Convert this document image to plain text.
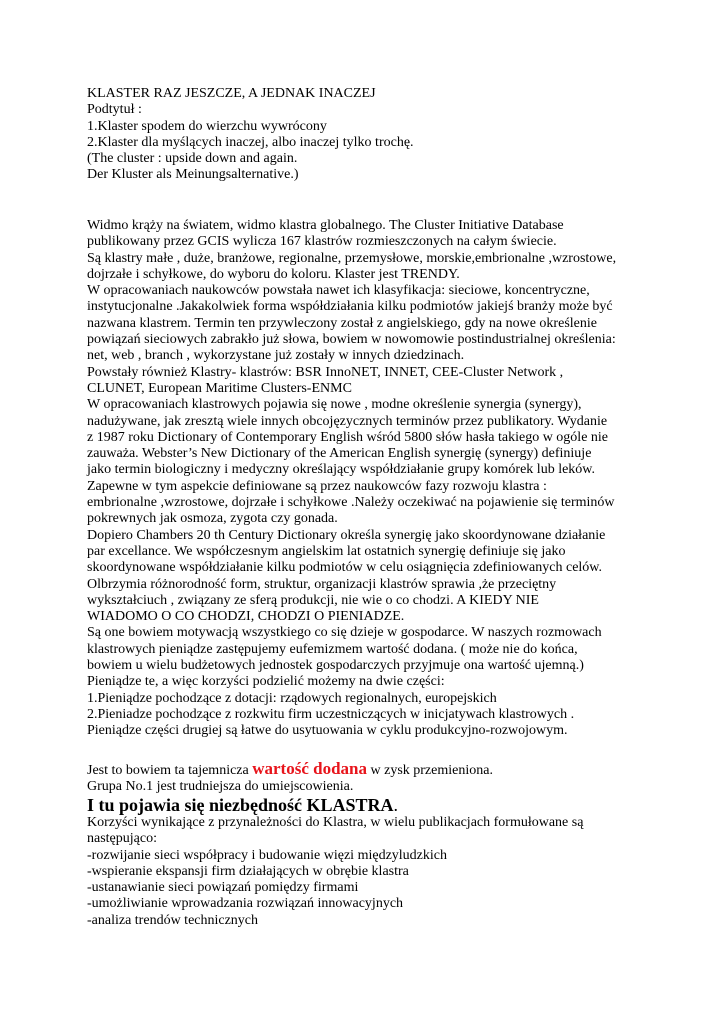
KLASTER RAZ JESZCZE, A JEDNAK INACZEJ
Podtytuł :
1.Klaster spodem do wierzchu wywrócony
2.Klaster dla myślących inaczej, albo inaczej tylko trochę.
(The cluster : upside down and again.
Der Kluster als Meinungsalternative.)
Widmo krąży na światem, widmo klastra globalnego. The Cluster Initiative Database
publikowany przez GCIS wylicza 167 klastrów rozmieszczonych na całym świecie.
Są klastry małe , duże, branżowe, regionalne, przemysłowe, morskie,embrionalne ,wzrostowe,
dojrzałe i schyłkowe, do wyboru do koloru. Klaster jest TRENDY.
W opracowaniach naukowców powstała nawet ich klasyfikacja: sieciowe, koncentryczne,
instytucjonalne .Jakakolwiek forma współdziałania kilku podmiotów jakiejś branży może być
nazwana klastrem. Termin ten przywleczony został z angielskiego, gdy na nowe określenie
powiązań sieciowych zabrakło już słowa, bowiem w nowomowie postindustrialnej określenia:
net, web , branch , wykorzystane już zostały w innych dziedzinach.
Powstały również Klastry- klastrów: BSR InnoNET, INNET, CEE-Cluster Network ,
CLUNET, European Maritime Clusters-ENMC
W opracowaniach klastrowych pojawia się nowe , modne określenie synergia (synergy),
nadużywane, jak zresztą wiele innych obcojęzycznych terminów przez publikatory. Wydanie
z 1987 roku Dictionary of Contemporary English wśród 5800 słów hasła takiego w ogóle nie
zauważa. Webster’s New Dictionary of the American English synergię (synergy) definiuje
jako termin biologiczny i medyczny określający współdziałanie grupy komórek lub leków.
Zapewne w tym aspekcie definiowane są przez naukowców fazy rozwoju klastra :
embrionalne ,wzrostowe, dojrzałe i schyłkowe .Należy oczekiwać na pojawienie się terminów
pokrewnych jak osmoza, zygota czy gonada.
Dopiero Chambers 20 th Century Dictionary określa synergię jako skoordynowane działanie
par excellance. We współczesnym angielskim lat ostatnich synergię definiuje się jako
skoordynowane współdziałanie kilku podmiotów w celu osiągnięcia zdefiniowanych celów.
Olbrzymia różnorodność form, struktur, organizacji klastrów sprawia ,że przeciętny
wykształciuch , związany ze sferą produkcji, nie wie o co chodzi. A KIEDY NIE
WIADOMO O CO CHODZI, CHODZI O PIENIADZE.
Są one bowiem motywacją wszystkiego co się dzieje w gospodarce. W naszych rozmowach
klastrowych pieniądze zastępujemy eufemizmem wartość dodana. ( może nie do końca,
bowiem u wielu budżetowych jednostek gospodarczych przyjmuje ona wartość ujemną.)
Pieniądze te, a więc korzyści podzielić możemy na dwie części:
1.Pieniądze pochodzące z dotacji: rządowych regionalnych, europejskich
2.Pieniadze pochodzące z rozkwitu firm uczestniczących w inicjatywach klastrowych .
Pieniądze części drugiej są łatwe do usytuowania w cyklu produkcyjno-rozwojowym.
Jest to bowiem ta tajemnicza wartość dodana w zysk przemieniona.
Grupa No.1 jest trudniejsza do umiejscowienia.
I tu pojawia się niezbędność KLASTRA.
Korzyści wynikające z przynależności do Klastra, w wielu publikacjach formułowane są
następująco:
-rozwijanie sieci współpracy i budowanie więzi międzyludzkich
-wspieranie ekspansji firm działających w obrębie klastra
-ustanawianie sieci powiązań pomiędzy firmami
-umożliwianie wprowadzania rozwiązań innowacyjnych
-analiza trendów technicznych
